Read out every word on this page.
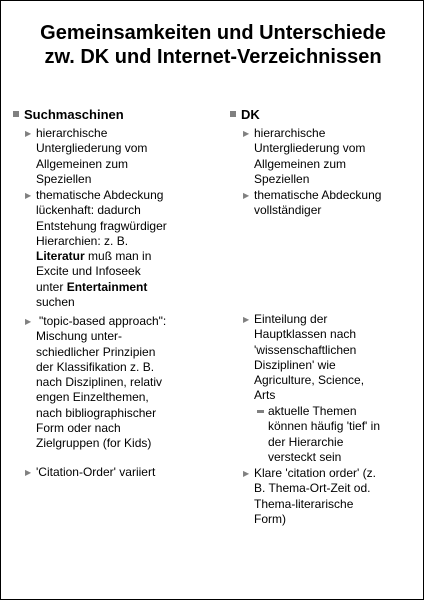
Gemeinsamkeiten und Unterschiede
zw. DK und Internet-Verzeichnissen
Suchmaschinen
▶ hierarchische
Untergliederung vom
Allgemeinen zum
Speziellen
▶ thematische Abdeckung
lückenhaft: dadurch
Entstehung fragwürdiger
Hierarchien: z. B.
Literatur muß man in
Excite und Infoseek
unter Entertainment
suchen
▶ "topic-based approach":
Mischung unter-
schiedlicher Prinzipien
der Klassifikation z. B.
nach Disziplinen, relativ
engen Einzelthemen,
nach bibliographischer
Form oder nach
Zielgruppen (for Kids)
▶ 'Citation-Order' variiert
DK
▶ hierarchische
Untergliederung vom
Allgemeinen zum
Speziellen
▶ thematische Abdeckung
vollständiger
▶ Einteilung der
Hauptklassen nach
'wissenschaftlichen
Disziplinen' wie
Agriculture, Science,
Arts
aktuelle Themen
können häufig 'tief' in
der Hierarchie
versteckt sein
▶ Klare 'citation order' (z.
B. Thema-Ort-Zeit od.
Thema-literarische
Form)
